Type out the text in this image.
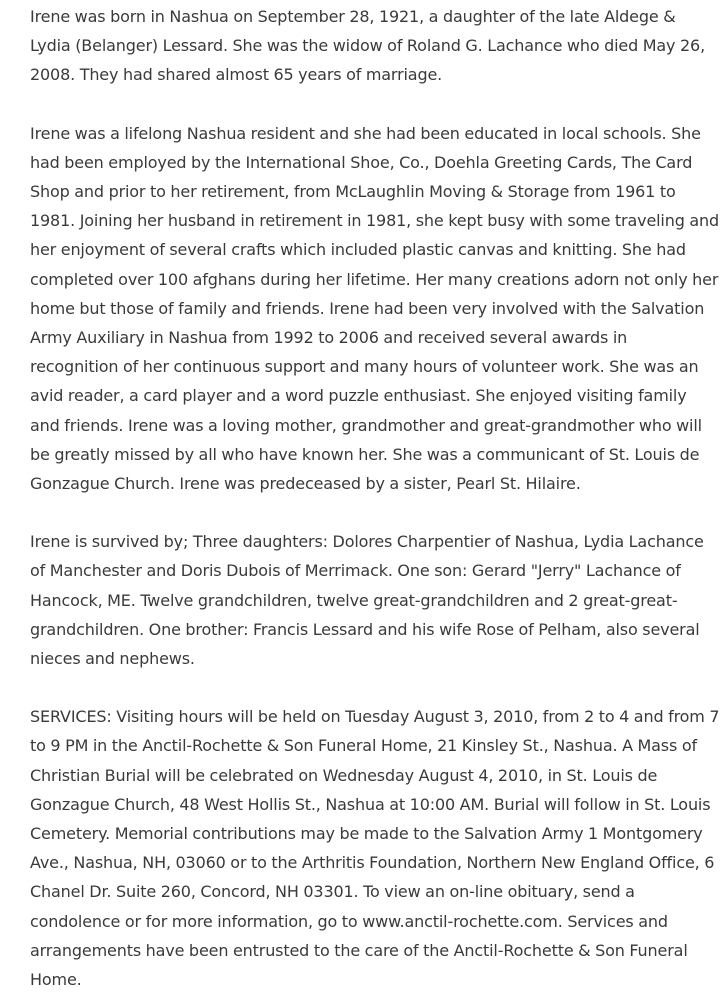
Irene was born in Nashua on September 28, 1921, a daughter of the late Aldege & Lydia (Belanger) Lessard. She was the widow of Roland G. Lachance who died May 26, 2008. They had shared almost 65 years of marriage.

Irene was a lifelong Nashua resident and she had been educated in local schools. She had been employed by the International Shoe, Co., Doehla Greeting Cards, The Card Shop and prior to her retirement, from McLaughlin Moving & Storage from 1961 to 1981. Joining her husband in retirement in 1981, she kept busy with some traveling and her enjoyment of several crafts which included plastic canvas and knitting. She had completed over 100 afghans during her lifetime. Her many creations adorn not only her home but those of family and friends. Irene had been very involved with the Salvation Army Auxiliary in Nashua from 1992 to 2006 and received several awards in recognition of her continuous support and many hours of volunteer work. She was an avid reader, a card player and a word puzzle enthusiast. She enjoyed visiting family and friends. Irene was a loving mother, grandmother and great-grandmother who will be greatly missed by all who have known her. She was a communicant of St. Louis de Gonzague Church. Irene was predeceased by a sister, Pearl St. Hilaire.

Irene is survived by; Three daughters: Dolores Charpentier of Nashua, Lydia Lachance of Manchester and Doris Dubois of Merrimack. One son: Gerard "Jerry" Lachance of Hancock, ME. Twelve grandchildren, twelve great-grandchildren and 2 great-great-grandchildren. One brother: Francis Lessard and his wife Rose of Pelham, also several nieces and nephews.

SERVICES: Visiting hours will be held on Tuesday August 3, 2010, from 2 to 4 and from 7 to 9 PM in the Anctil-Rochette & Son Funeral Home, 21 Kinsley St., Nashua. A Mass of Christian Burial will be celebrated on Wednesday August 4, 2010, in St. Louis de Gonzague Church, 48 West Hollis St., Nashua at 10:00 AM. Burial will follow in St. Louis Cemetery. Memorial contributions may be made to the Salvation Army 1 Montgomery Ave., Nashua, NH, 03060 or to the Arthritis Foundation, Northern New England Office, 6 Chanel Dr. Suite 260, Concord, NH 03301. To view an on-line obituary, send a condolence or for more information, go to www.anctil-rochette.com. Services and arrangements have been entrusted to the care of the Anctil-Rochette & Son Funeral Home.
